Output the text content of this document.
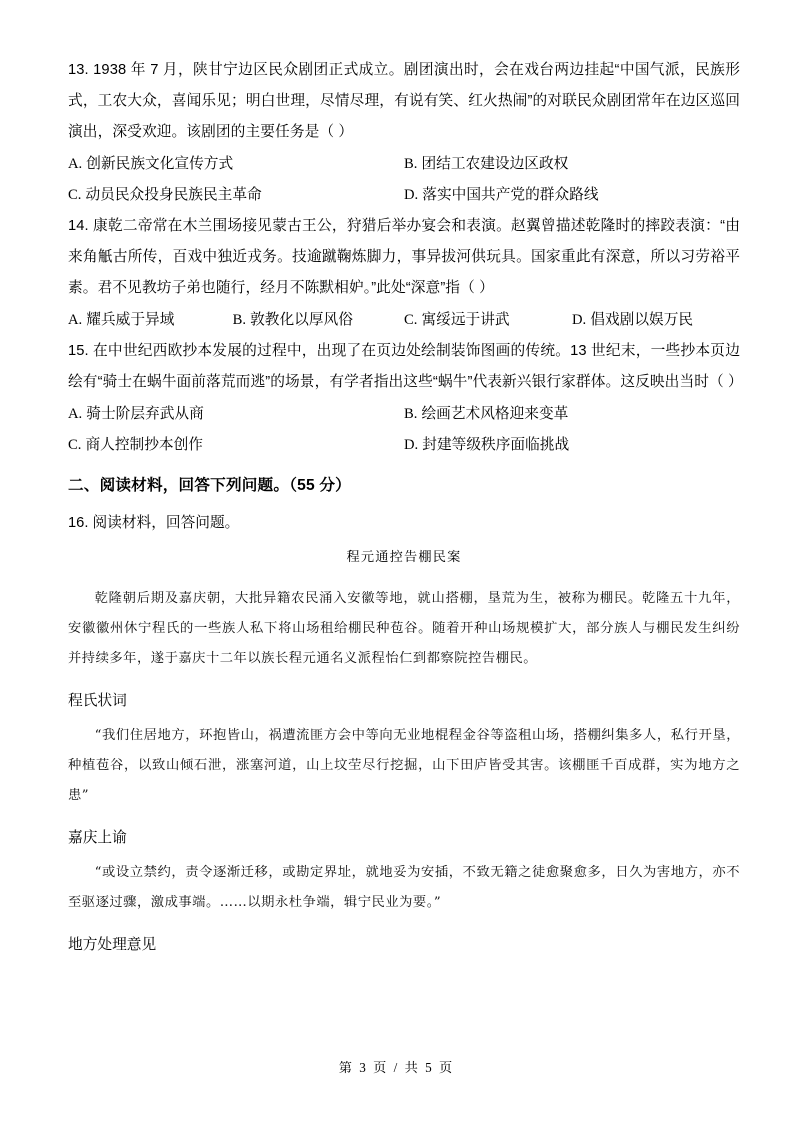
13. 1938 年 7 月，陕甘宁边区民众剧团正式成立。剧团演出时，会在戏台两边挂起“中国气派，民族形式，工农大众，喜闻乐见；明白世理，尽情尽理，有说有笑、红火热闹”的对联民众剧团常年在边区巡回演出，深受欢迎。该剧团的主要任务是（ ）

A. 创新民族文化宣传方式	B. 团结工农建设边区政权
C. 动员民众投身民族民主革命	D. 落实中国共产党的群众路线

14. 康乾二帝常在木兰围场接见蒙古王公，狩猎后举办宴会和表演。赵翼曾描述乾隆时的摔跤表演：“由来角觗古所传，百戏中独近戎务。技逾蹴鞠炼脚力，事异拔河供玩具。国家重此有深意，所以习劳裕平素。君不见教坊子弟也随行，经月不陈默相妒。”此处“深意”指（ ）

A. 耀兵威于异域	B. 敦教化以厚风俗	C. 寓绥远于讲武	D. 倡戏剧以娱万民

15. 在中世纪西欧抄本发展的过程中，出现了在页边处绘制装饰图画的传统。13 世纪末，一些抄本页边绘有“骑士在蜗牛面前落荒而逃”的场景，有学者指出这些“蜗牛”代表新兴银行家群体。这反映出当时（ ）

A. 骑士阶层弃武从商	B. 绘画艺术风格迎来变革
C. 商人控制抄本创作	D. 封建等级秩序面临挑战
二、阅读材料，回答下列问题。（55 分）
16. 阅读材料，回答问题。
程元通控告棚民案
乾隆朝后期及嘉庆朝，大批异籍农民涌入安徽等地，就山搭棚，垦荒为生，被称为棚民。乾隆五十九年，安徽徽州休宁程氏的一些族人私下将山场租给棚民种苞谷。随着开种山场规模扩大，部分族人与棚民发生纠纷并持续多年，遂于嘉庆十二年以族长程元通名义派程怡仁到都察院控告棚民。
程氏状词
“我们住居地方，环抱皆山，祸遭流匪方会中等向无业地棍程金谷等盗租山场，搭棚纠集多人，私行开垦，种植苞谷，以致山倾石泄，涨塞河道，山上坟茔尽行挖掘，山下田庐皆受其害。该棚匪千百成群，实为地方之患”
嘉庆上谕
“或设立禁约，责令逐渐迁移，或勘定界址，就地妥为安插，不致无籍之徒愈聚愈多，日久为害地方，亦不至驱逐过骤，激成事端。……以期永杜争端，辑宁民业为要。”
地方处理意见
第 3 页 / 共 5 页
